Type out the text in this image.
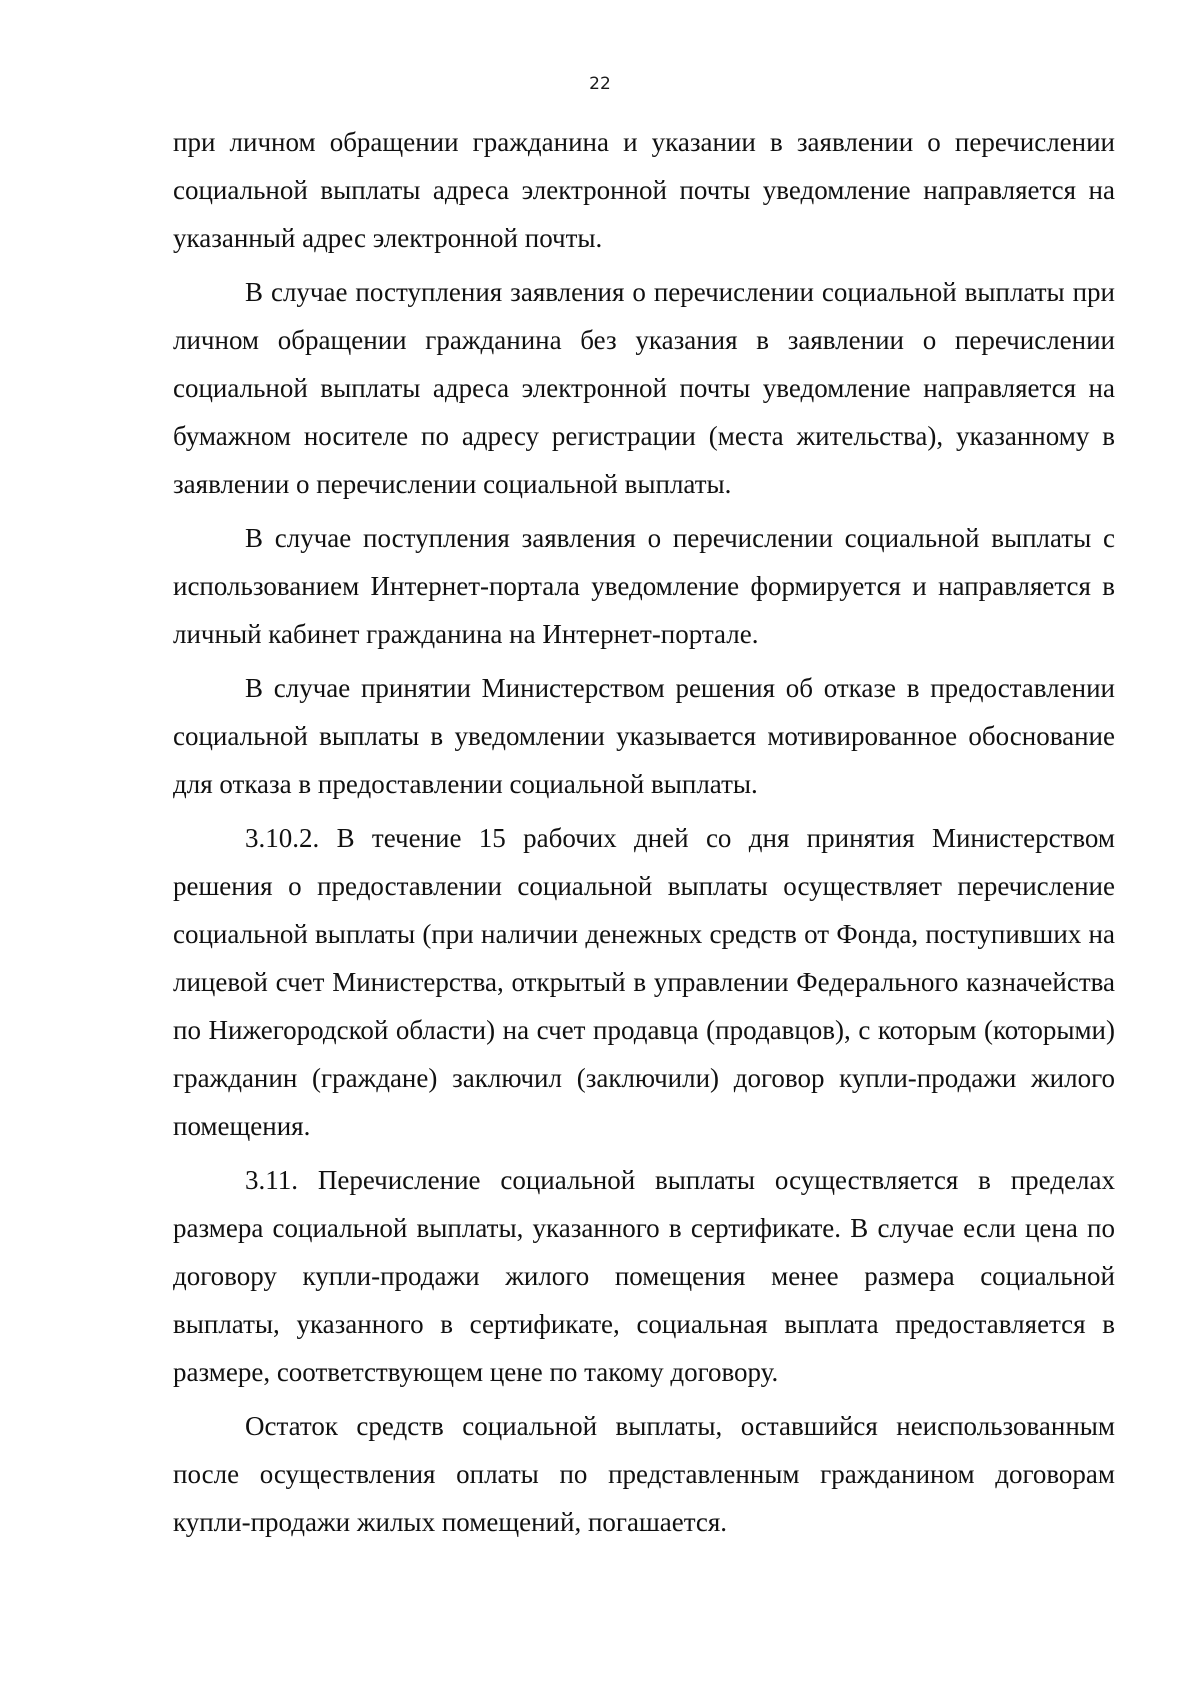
22

при личном обращении гражданина и указании в заявлении о перечислении социальной выплаты адреса электронной почты уведомление направляется на указанный адрес электронной почты.

В случае поступления заявления о перечислении социальной выплаты при личном обращении гражданина без указания в заявлении о перечислении социальной выплаты адреса электронной почты уведомление направляется на бумажном носителе по адресу регистрации (места жительства), указанному в заявлении о перечислении социальной выплаты.

В случае поступления заявления о перечислении социальной выплаты с использованием Интернет-портала уведомление формируется и направляется в личный кабинет гражданина на Интернет-портале.

В случае принятии Министерством решения об отказе в предоставлении социальной выплаты в уведомлении указывается мотивированное обоснование для отказа в предоставлении социальной выплаты.

3.10.2. В течение 15 рабочих дней со дня принятия Министерством решения о предоставлении социальной выплаты осуществляет перечисление социальной выплаты (при наличии денежных средств от Фонда, поступивших на лицевой счет Министерства, открытый в управлении Федерального казначейства по Нижегородской области) на счет продавца (продавцов), с которым (которыми) гражданин (граждане) заключил (заключили) договор купли-продажи жилого помещения.

3.11. Перечисление социальной выплаты осуществляется в пределах размера социальной выплаты, указанного в сертификате. В случае если цена по договору купли-продажи жилого помещения менее размера социальной выплаты, указанного в сертификате, социальная выплата предоставляется в размере, соответствующем цене по такому договору.

Остаток средств социальной выплаты, оставшийся неиспользованным после осуществления оплаты по представленным гражданином договорам купли-продажи жилых помещений, погашается.
